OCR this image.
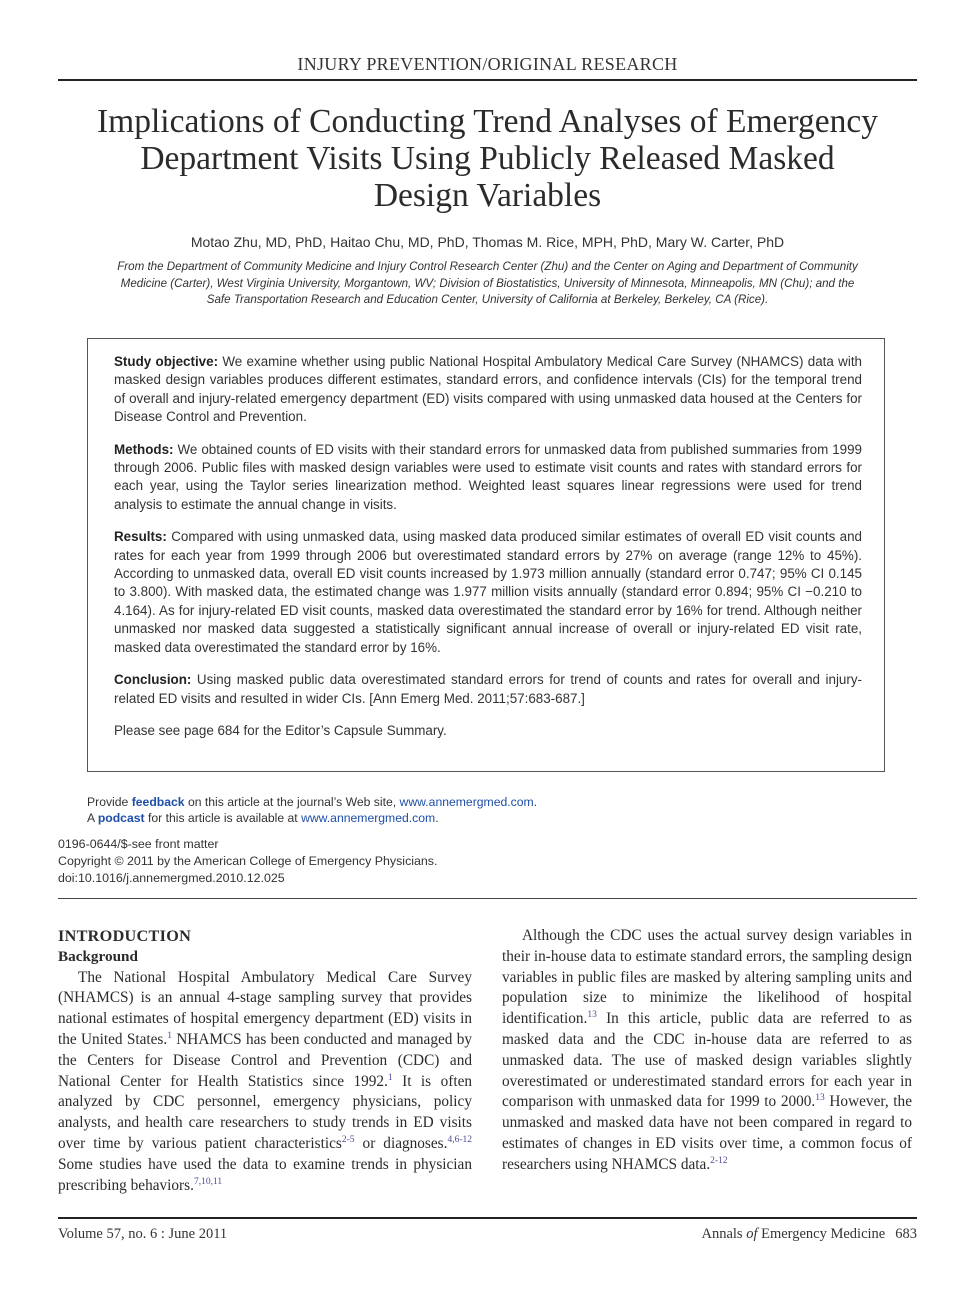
INJURY PREVENTION/ORIGINAL RESEARCH
Implications of Conducting Trend Analyses of Emergency
Department Visits Using Publicly Released Masked
Design Variables
Motao Zhu, MD, PhD, Haitao Chu, MD, PhD, Thomas M. Rice, MPH, PhD, Mary W. Carter, PhD
From the Department of Community Medicine and Injury Control Research Center (Zhu) and the Center on Aging and Department of Community
Medicine (Carter), West Virginia University, Morgantown, WV; Division of Biostatistics, University of Minnesota, Minneapolis, MN (Chu); and the
Safe Transportation Research and Education Center, University of California at Berkeley, Berkeley, CA (Rice).

Study objective: We examine whether using public National Hospital Ambulatory Medical Care Survey (NHAMCS) data with masked design variables produces different estimates, standard errors, and confidence intervals (CIs) for the temporal trend of overall and injury-related emergency department (ED) visits compared with using unmasked data housed at the Centers for Disease Control and Prevention.

Methods: We obtained counts of ED visits with their standard errors for unmasked data from published summaries from 1999 through 2006. Public files with masked design variables were used to estimate visit counts and rates with standard errors for each year, using the Taylor series linearization method. Weighted least squares linear regressions were used for trend analysis to estimate the annual change in visits.

Results: Compared with using unmasked data, using masked data produced similar estimates of overall ED visit counts and rates for each year from 1999 through 2006 but overestimated standard errors by 27% on average (range 12% to 45%). According to unmasked data, overall ED visit counts increased by 1.973 million annually (standard error 0.747; 95% CI 0.145 to 3.800). With masked data, the estimated change was 1.977 million visits annually (standard error 0.894; 95% CI −0.210 to 4.164). As for injury-related ED visit counts, masked data overestimated the standard error by 16% for trend. Although neither unmasked nor masked data suggested a statistically significant annual increase of overall or injury-related ED visit rate, masked data overestimated the standard error by 16%.

Conclusion: Using masked public data overestimated standard errors for trend of counts and rates for overall and injury-related ED visits and resulted in wider CIs. [Ann Emerg Med. 2011;57:683-687.]

Please see page 684 for the Editor’s Capsule Summary.

Provide feedback on this article at the journal’s Web site, www.annemergmed.com.
A podcast for this article is available at www.annemergmed.com.
0196-0644/$-see front matter
Copyright © 2011 by the American College of Emergency Physicians.
doi:10.1016/j.annemergmed.2010.12.025
INTRODUCTION
Background

The National Hospital Ambulatory Medical Care Survey (NHAMCS) is an annual 4-stage sampling survey that provides national estimates of hospital emergency department (ED) visits in the United States.$^1$ NHAMCS has been conducted and managed by the Centers for Disease Control and Prevention (CDC) and National Center for Health Statistics since 1992.$^1$ It is often analyzed by CDC personnel, emergency physicians, policy analysts, and health care researchers to study trends in ED visits over time by various patient characteristics$^{2-5}$ or diagnoses.$^{4,6-12}$ Some studies have used the data to examine trends in physician prescribing behaviors.$^{7,10,11}$

Although the CDC uses the actual survey design variables in their in-house data to estimate standard errors, the sampling design variables in public files are masked by altering sampling units and population size to minimize the likelihood of hospital identification.$^{13}$ In this article, public data are referred to as masked data and the CDC in-house data are referred to as unmasked data. The use of masked design variables slightly overestimated or underestimated standard errors for each year in comparison with unmasked data for 1999 to 2000.13 However, the unmasked and masked data have not been compared in regard to estimates of changes in ED visits over time, a common focus of researchers using NHAMCS data.$^{2-12}$

Volume 57, no. 6 : June 2011	Annals of Emergency Medicine 683
